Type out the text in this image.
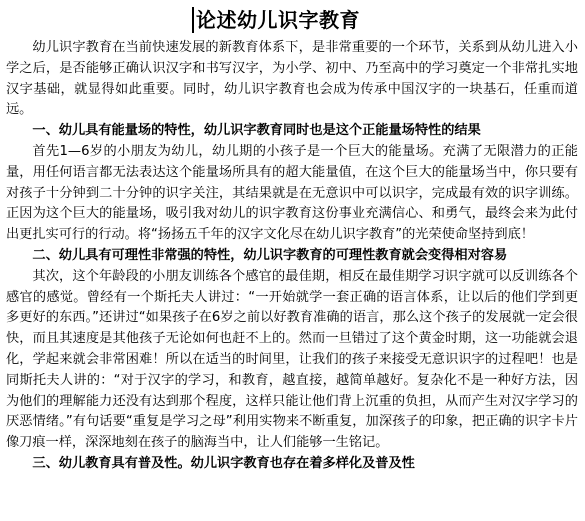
论述幼儿识字教育

幼儿识字教育在当前快速发展的新教育体系下，是非常重要的一个环节，关系到从幼儿进入小学之后，是否能够正确认识汉字和书写汉字，为小学、初中、乃至高中的学习奠定一个非常扎实地汉字基础，就显得如此重要。同时，幼儿识字教育也会成为传承中国汉字的一块基石，任重而道远。

一、幼儿具有能量场的特性，幼儿识字教育同时也是这个正能量场特性的结果

首先1—6岁的小朋友为幼儿，幼儿期的小孩子是一个巨大的能量场。充满了无限潜力的正能量，用任何语言都无法表达这个能量场所具有的超大能量值，在这个巨大的能量场当中，你只要有对孩子十分钟到二十分钟的识字关注，其结果就是在无意识中可以识字，完成最有效的识字训练。正因为这个巨大的能量场，吸引我对幼儿的识字教育这份事业充满信心、和勇气，最终会来为此付出更扎实可行的行动。将“扬扬五千年的汉字文化尽在幼儿识字教育”的光荣使命坚持到底！

二、幼儿具有可理性非常强的特性，幼儿识字教育的可理性教育就会变得相对容易

其次，这个年龄段的小朋友训练各个感官的最佳期，相反在最佳期学习识字就可以反训练各个感官的感觉。曾经有一个斯托夫人讲过：“一开始就学一套正确的语言体系，让以后的他们学到更多更好的东西。”还讲过“如果孩子在6岁之前以好教育准确的语言，那么这个孩子的发展就一定会很快，而且其速度是其他孩子无论如何也赶不上的。然而一旦错过了这个黄金时期，这一功能就会退化，学起来就会非常困难！所以在适当的时间里，让我们的孩子来接受无意识识字的过程吧！也是同斯托夫人讲的：“对于汉字的学习，和教育，越直接，越简单越好。复杂化不是一种好方法，因为他们的理解能力还没有达到那个程度，这样只能让他们背上沉重的负担，从而产生对汉字学习的厌恶情绪。”有句话要“重复是学习之母”利用实物来不断重复，加深孩子的印象，把正确的识字卡片像刀痕一样，深深地刻在孩子的脑海当中，让人们能够一生铭记。

三、幼儿教育具有普及性。幼儿识字教育也存在着多样化及普及性
